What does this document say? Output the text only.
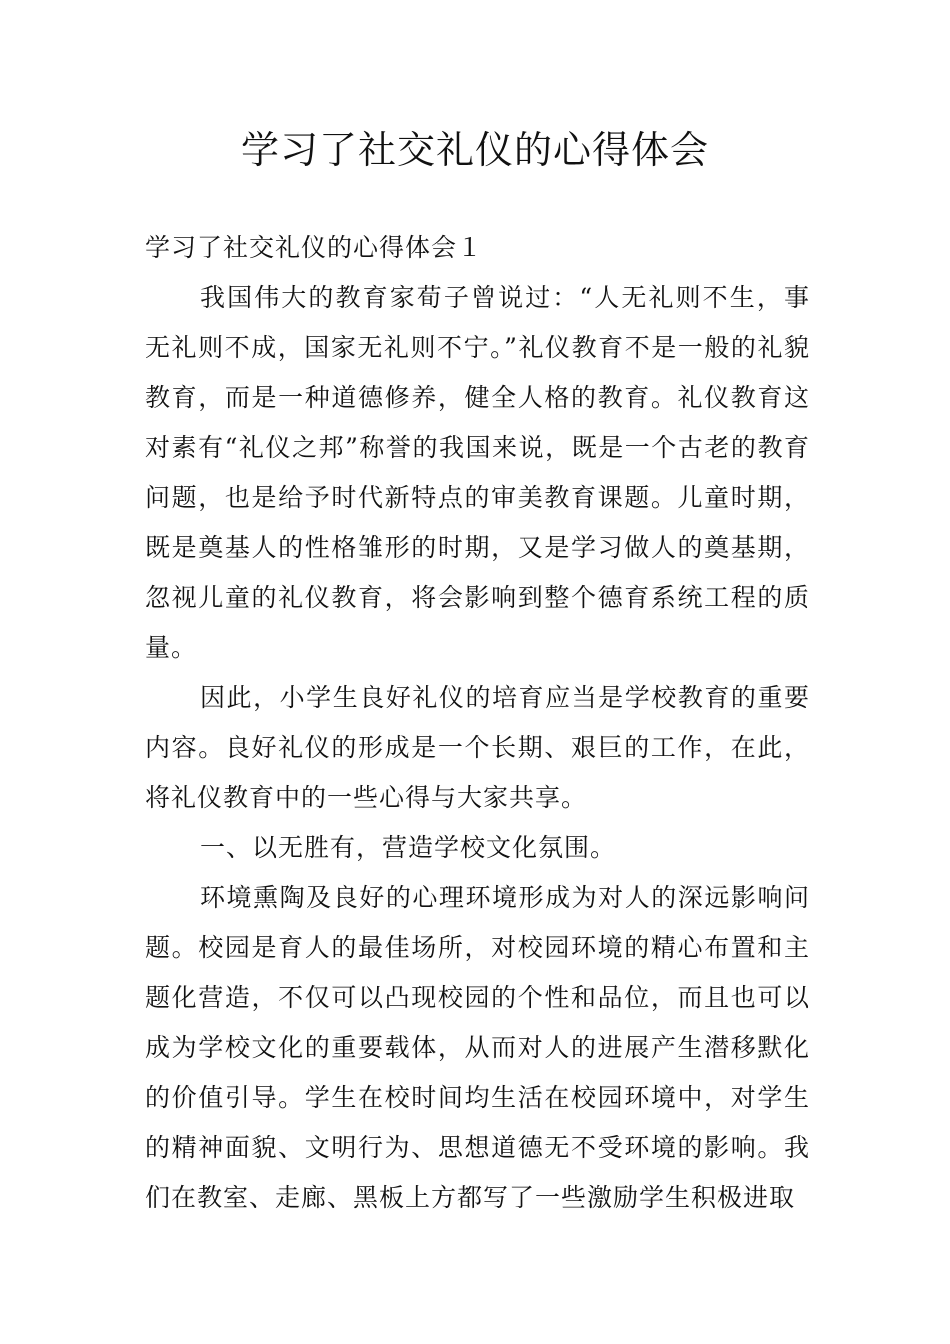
学习了社交礼仪的心得体会

学习了社交礼仪的心得体会１

我国伟大的教育家荀子曾说过：“人无礼则不生，事无礼则不成，国家无礼则不宁。”礼仪教育不是一般的礼貌教育，而是一种道德修养，健全人格的教育。礼仪教育这对素有“礼仪之邦”称誉的我国来说，既是一个古老的教育问题，也是给予时代新特点的审美教育课题。儿童时期，既是奠基人的性格雏形的时期，又是学习做人的奠基期，忽视儿童的礼仪教育，将会影响到整个德育系统工程的质量。

因此，小学生良好礼仪的培育应当是学校教育的重要内容。良好礼仪的形成是一个长期、艰巨的工作，在此，将礼仪教育中的一些心得与大家共享。

一、以无胜有，营造学校文化氛围。

环境熏陶及良好的心理环境形成为对人的深远影响问题。校园是育人的最佳场所，对校园环境的精心布置和主题化营造，不仅可以凸现校园的个性和品位，而且也可以成为学校文化的重要载体，从而对人的进展产生潜移默化的价值引导。学生在校时间均生活在校园环境中，对学生的精神面貌、文明行为、思想道德无不受环境的影响。我们在教室、走廊、黑板上方都写了一些激励学生积极进取
